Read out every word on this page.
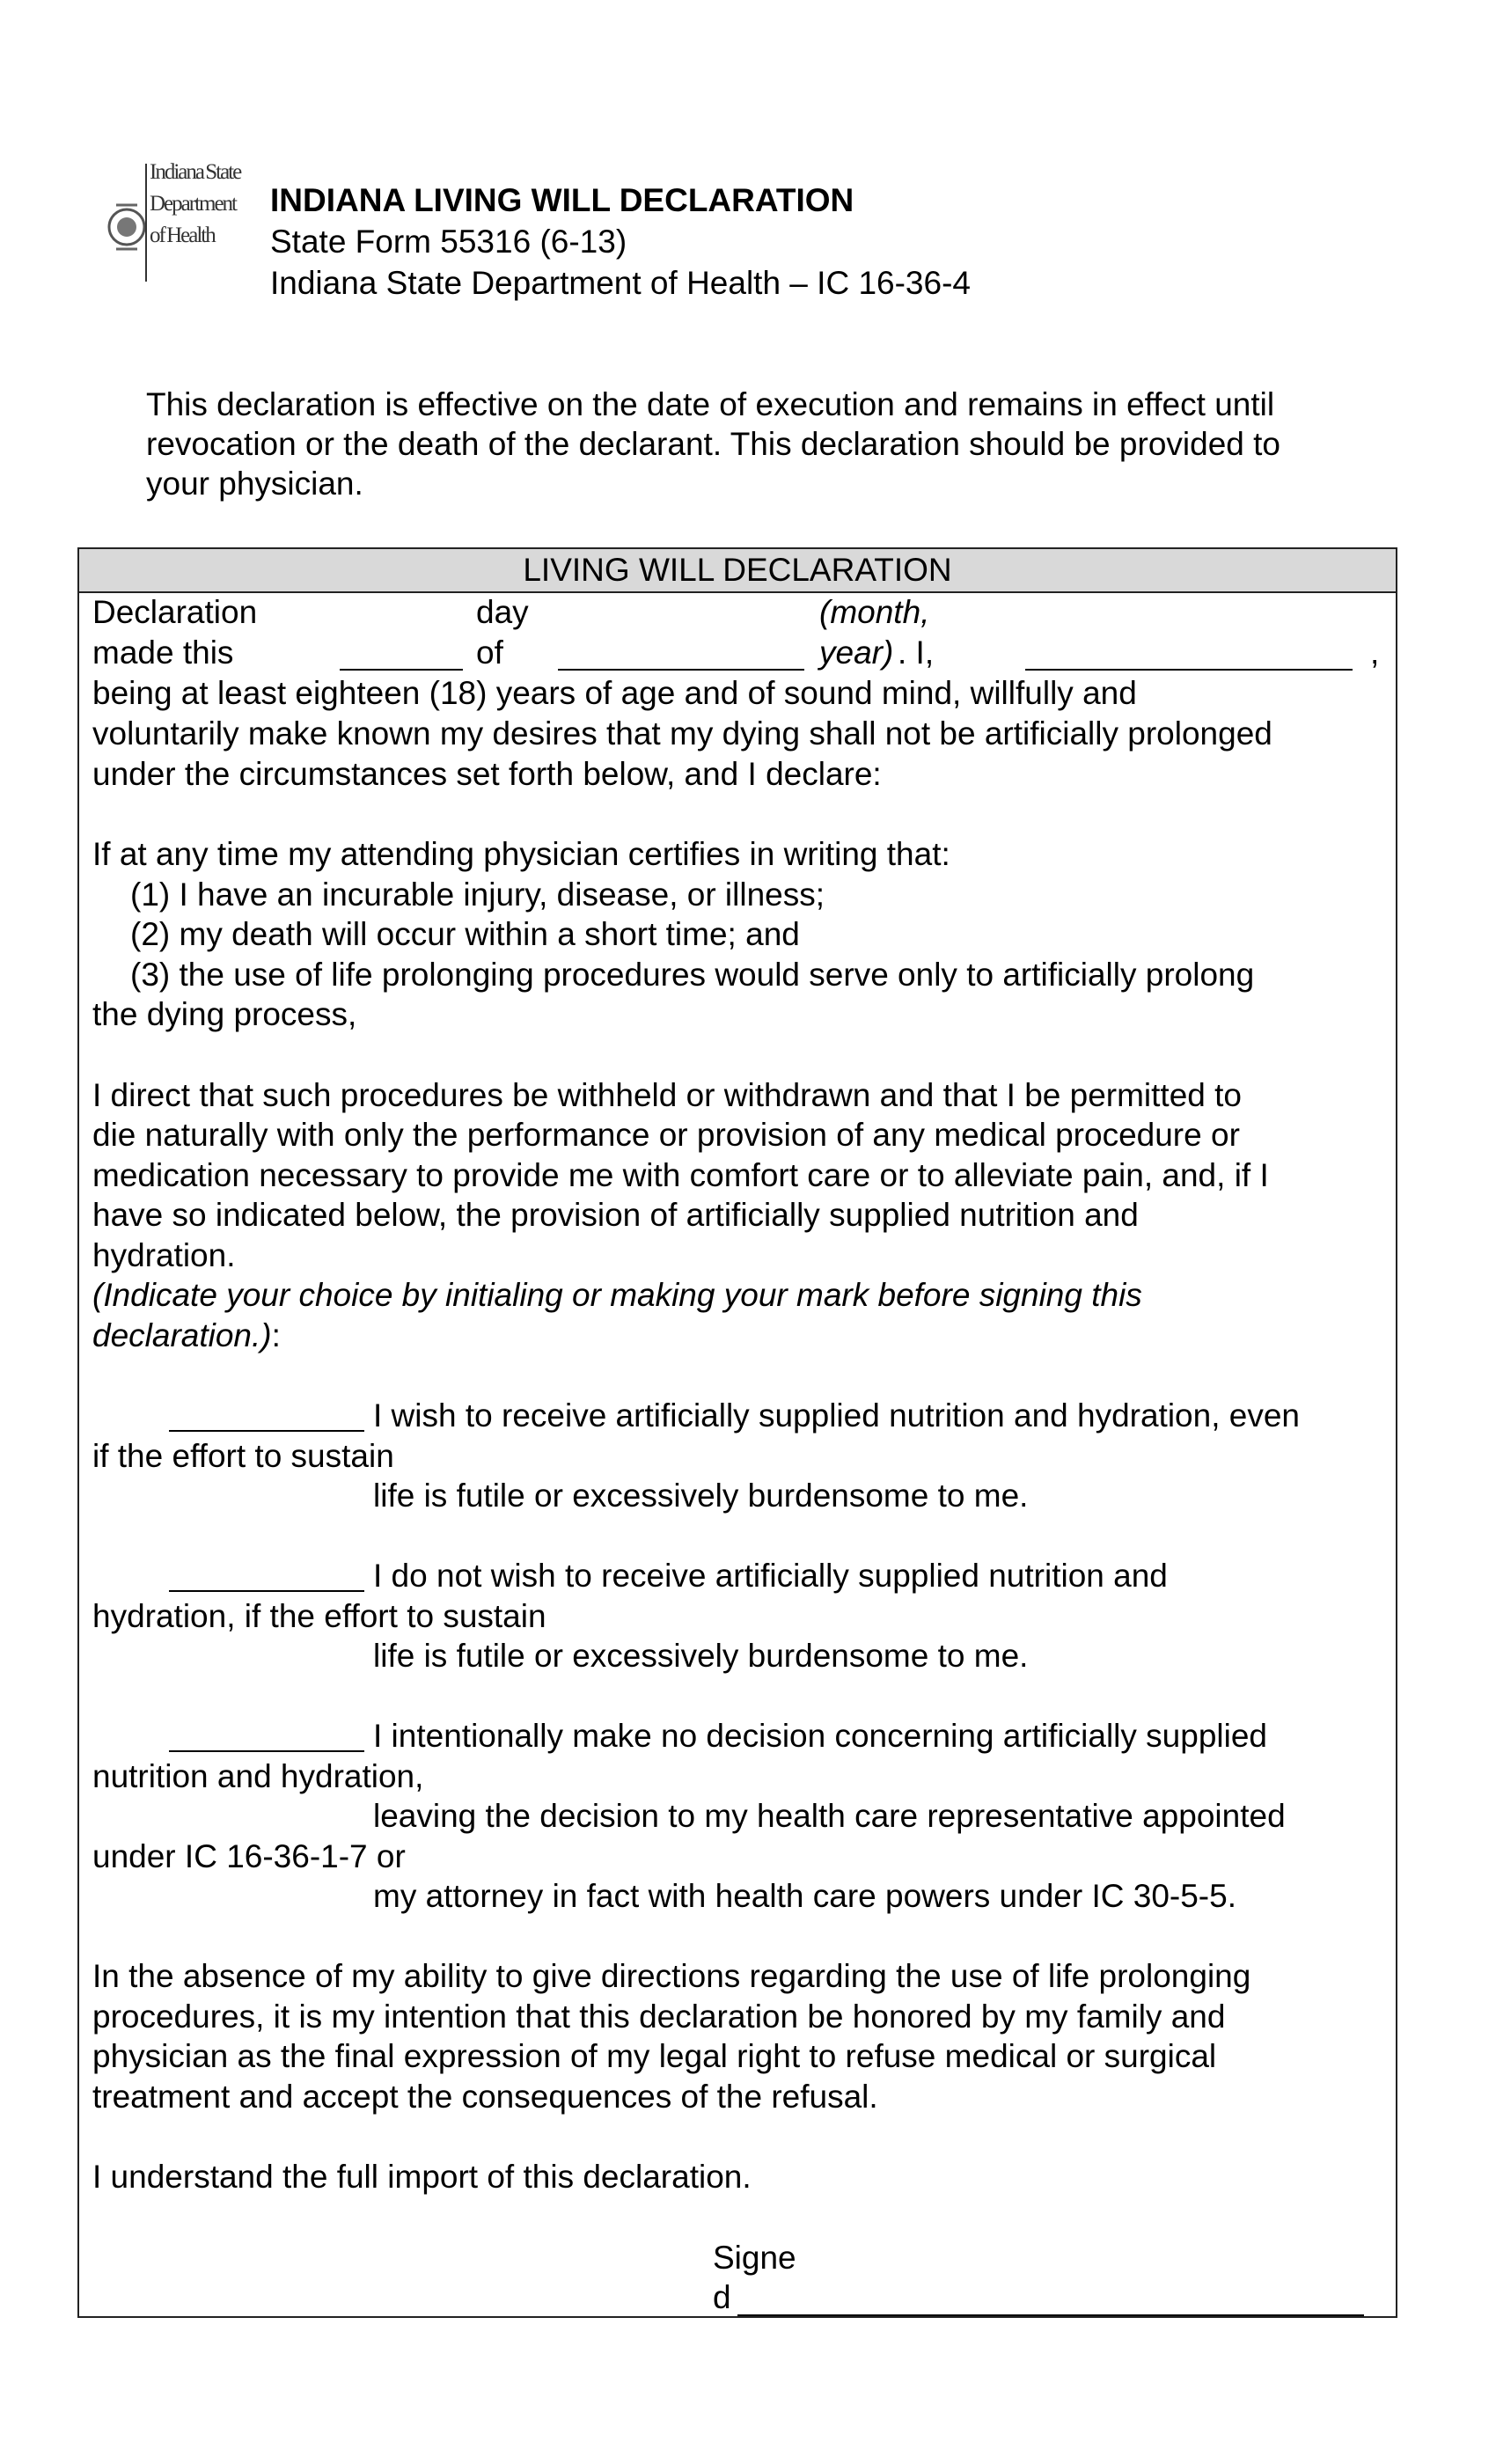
Indiana State Department of Health
INDIANA LIVING WILL DECLARATION
State Form 55316 (6-13)
Indiana State Department of Health – IC 16-36-4
This declaration is effective on the date of execution and remains in effect until
revocation or the death of the declarant. This declaration should be provided to
your physician.
LIVING WILL DECLARATION
Declaration
made this
day
of
(month,
year) . I,	,
being at least eighteen (18) years of age and of sound mind, willfully and
voluntarily make known my desires that my dying shall not be artificially prolonged
under the circumstances set forth below, and I declare:
If at any time my attending physician certifies in writing that:
(1) I have an incurable injury, disease, or illness;
(2) my death will occur within a short time; and
(3) the use of life prolonging procedures would serve only to artificially prolong
the dying process,
I direct that such procedures be withheld or withdrawn and that I be permitted to
die naturally with only the performance or provision of any medical procedure or
medication necessary to provide me with comfort care or to alleviate pain, and, if I
have so indicated below, the provision of artificially supplied nutrition and
hydration.
(Indicate your choice by initialing or making your mark before signing this
declaration.):
I wish to receive artificially supplied nutrition and hydration, even
if the effort to sustain
life is futile or excessively burdensome to me.
I do not wish to receive artificially supplied nutrition and
hydration, if the effort to sustain
life is futile or excessively burdensome to me.
I intentionally make no decision concerning artificially supplied
nutrition and hydration,
leaving the decision to my health care representative appointed
under IC 16-36-1-7 or
my attorney in fact with health care powers under IC 30-5-5.
In the absence of my ability to give directions regarding the use of life prolonging
procedures, it is my intention that this declaration be honored by my family and
physician as the final expression of my legal right to refuse medical or surgical
treatment and accept the consequences of the refusal.
I understand the full import of this declaration.
Signe
d
